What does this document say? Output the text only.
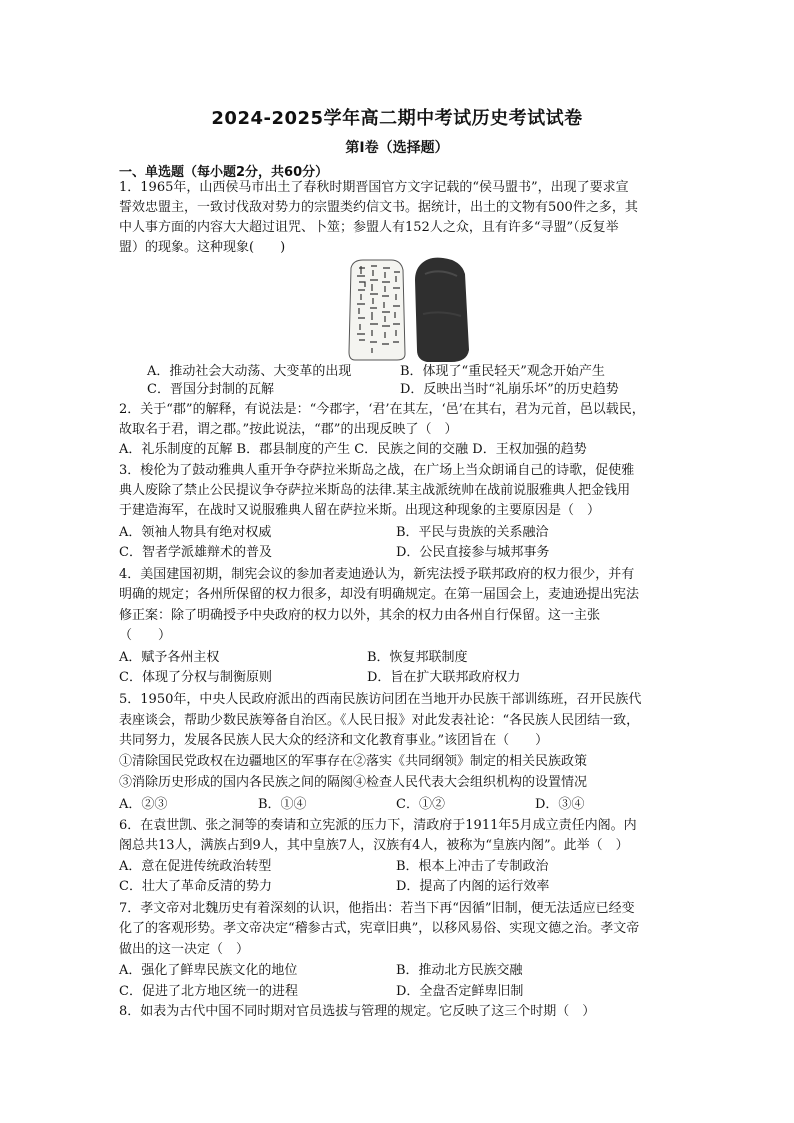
2024-2025学年高二期中考试历史考试试卷
第Ⅰ卷（选择题）
一、单选题（每小题2分，共60分）
1．1965年，山西侯马市出土了春秋时期晋国官方文字记载的“侯马盟书”，出现了要求宣
誓效忠盟主，一致讨伐敌对势力的宗盟类约信文书。据统计，出土的文物有500件之多，其
中人事方面的内容大大超过诅咒、卜筮；参盟人有152人之众，且有许多“寻盟”（反复举
盟）的现象。这种现象(　　)
A．推动社会大动荡、大变革的出现	B．体现了“重民轻天”观念开始产生
C．晋国分封制的瓦解	D．反映出当时“礼崩乐坏”的历史趋势
2．关于“郡”的解释，有说法是：“今郡字，‘君’在其左，‘邑’在其右，君为元首，邑以载民，
故取名于君，谓之郡。”按此说法，“郡”的出现反映了（　）
A．礼乐制度的瓦解 B．郡县制度的产生 C．民族之间的交融 D．王权加强的趋势
3．梭伦为了鼓动雅典人重开争夺萨拉米斯岛之战，在广场上当众朗诵自己的诗歌，促使雅
典人废除了禁止公民提议争夺萨拉米斯岛的法律.某主战派统帅在战前说服雅典人把金钱用
于建造海军，在战时又说服雅典人留在萨拉米斯。出现这种现象的主要原因是（　）
A．领袖人物具有绝对权威	B．平民与贵族的关系融洽
C．智者学派雄辩术的普及	D．公民直接参与城邦事务
4．美国建国初期，制宪会议的参加者麦迪逊认为，新宪法授予联邦政府的权力很少，并有
明确的规定；各州所保留的权力很多，却没有明确规定。在第一届国会上，麦迪逊提出宪法
修正案：除了明确授予中央政府的权力以外，其余的权力由各州自行保留。这一主张
（　　）
A．赋予各州主权	B．恢复邦联制度
C．体现了分权与制衡原则	D．旨在扩大联邦政府权力
5．1950年，中央人民政府派出的西南民族访问团在当地开办民族干部训练班，召开民族代
表座谈会，帮助少数民族筹备自治区。《人民日报》对此发表社论：“各民族人民团结一致，
共同努力，发展各民族人民大众的经济和文化教育事业。”该团旨在（　　）
①清除国民党政权在边疆地区的军事存在②落实《共同纲领》制定的相关民族政策
③消除历史形成的国内各民族之间的隔阂④检查人民代表大会组织机构的设置情况
A．②③	B．①④	C．①②	D．③④
6．在袁世凯、张之洞等的奏请和立宪派的压力下，清政府于1911年5月成立责任内阁。内
阁总共13人，满族占到9人，其中皇族7人，汉族有4人，被称为“皇族内阁”。此举（　）
A．意在促进传统政治转型	B．根本上冲击了专制政治
C．壮大了革命反清的势力	D．提高了内阁的运行效率
7．孝文帝对北魏历史有着深刻的认识，他指出：若当下再“因循”旧制，便无法适应已经变
化了的客观形势。孝文帝决定“稽参古式，宪章旧典”，以移风易俗、实现文德之治。孝文帝
做出的这一决定（　）
A．强化了鲜卑民族文化的地位	B．推动北方民族交融
C．促进了北方地区统一的进程	D．全盘否定鲜卑旧制
8．如表为古代中国不同时期对官员选拔与管理的规定。它反映了这三个时期（　）
